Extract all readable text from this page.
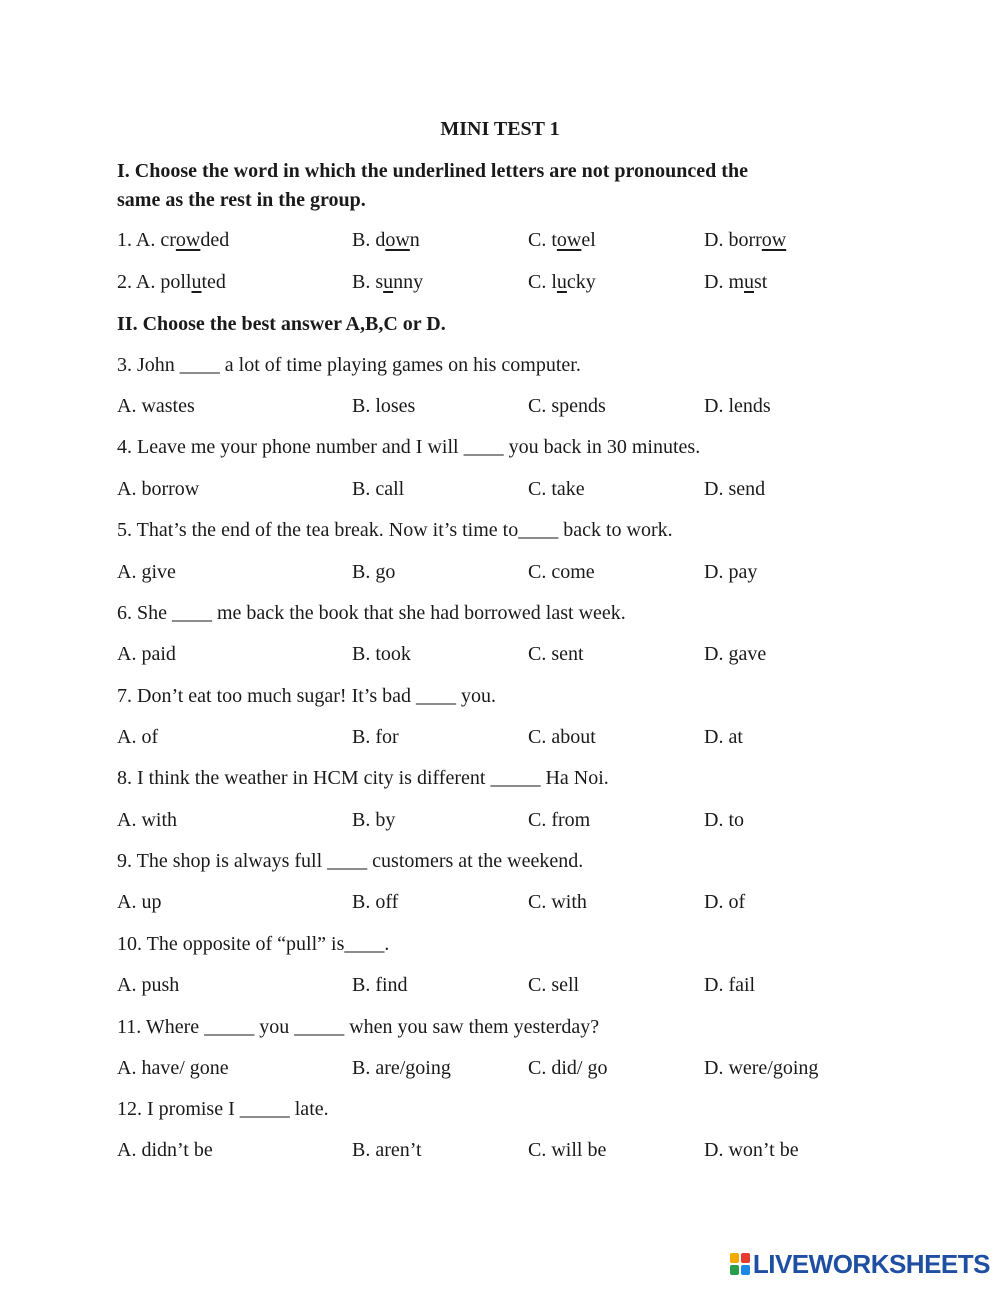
MINI TEST 1
I. Choose the word in which the underlined letters are not pronounced the
same as the rest in the group.
1. A. crowded	B. down	C. towel	D. borrow
2. A. polluted	B. sunny	C. lucky	D. must
II. Choose the best answer A,B,C or D.
3. John ____ a lot of time playing games on his computer.
A. wastes	B. loses	C. spends	D. lends
4. Leave me your phone number and I will ____ you back in 30 minutes.
A. borrow	B. call	C. take	D. send
5. That’s the end of the tea break. Now it’s time to____ back to work.
A. give	B. go	C. come	D. pay
6. She ____ me back the book that she had borrowed last week.
A. paid	B. took	C. sent	D. gave
7. Don’t eat too much sugar! It’s bad ____ you.
A. of	B. for	C. about	D. at
8. I think the weather in HCM city is different _____ Ha Noi.
A. with	B. by	C. from	D. to
9. The shop is always full ____ customers at the weekend.
A. up	B. off	C. with	D. of
10. The opposite of “pull” is____.
A. push	B. find	C. sell	D. fail
11. Where _____ you _____ when you saw them yesterday?
A. have/ gone	B. are/going	C. did/ go	D. were/going
12. I promise I _____ late.
A. didn’t be	B. aren’t	C. will be	D. won’t be
LIVEWORKSHEETS
